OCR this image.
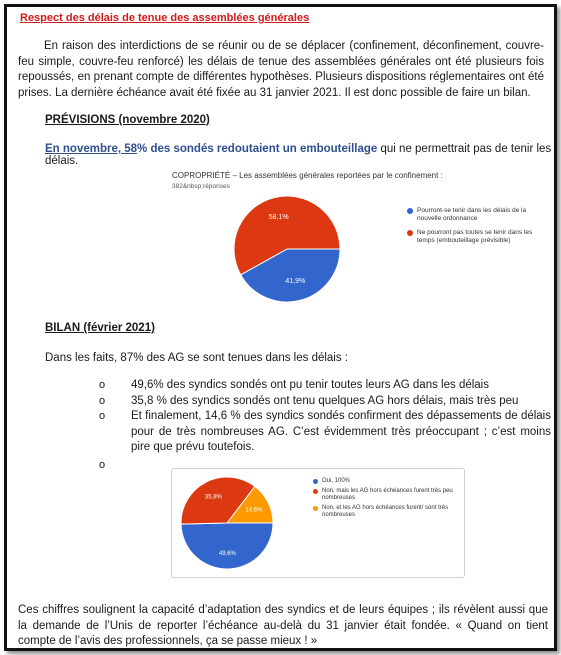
Respect des délais de tenue des assemblées générales
En raison des interdictions de se réunir ou de se déplacer (confinement, déconfinement, couvre-feu simple, couvre-feu renforcé) les délais de tenue des assemblées générales ont été plusieurs fois repoussés, en prenant compte de différentes hypothèses. Plusieurs dispositions réglementaires ont été prises. La dernière échéance avait été fixée au 31 janvier 2021. Il est donc possible de faire un bilan.
PRÉVISIONS (novembre 2020)
En novembre, 58% des sondés redoutaient un embouteillage qui ne permettrait pas de tenir les délais.
COPROPRIÉTÉ – Les assemblées générales reportées par le confinement :
382&nbsp;réponses
41,9%
58,1%
Pourront-se tenir dans les délais de la nouvelle ordonnance
Ne pourront pas toutes se tenir dans les temps (embouteillage prévisible)
BILAN (février 2021)
Dans les faits, 87% des AG se sont tenues dans les délais :
o 49,6% des syndics sondés ont pu tenir toutes leurs AG dans les délais
o 35,8 % des syndics sondés ont tenu quelques AG hors délais, mais très peu
o Et finalement, 14,6 % des syndics sondés confirment des dépassements de délais pour de très nombreuses AG. C’est évidemment très préoccupant ; c’est moins pire que prévu toutefois.
o

49,6%
35,8%
14,6%
Oui, 100%
Non, mais les AG hors échéances furent très peu nombreuses
Non, et les AG hors échéances furent/ sont très nombreuses
Ces chiffres soulignent la capacité d’adaptation des syndics et de leurs équipes ; ils révèlent aussi que la demande de l’Unis de reporter l’échéance au-delà du 31 janvier était fondée. « Quand on tient compte de l’avis des professionnels, ça se passe mieux ! »
